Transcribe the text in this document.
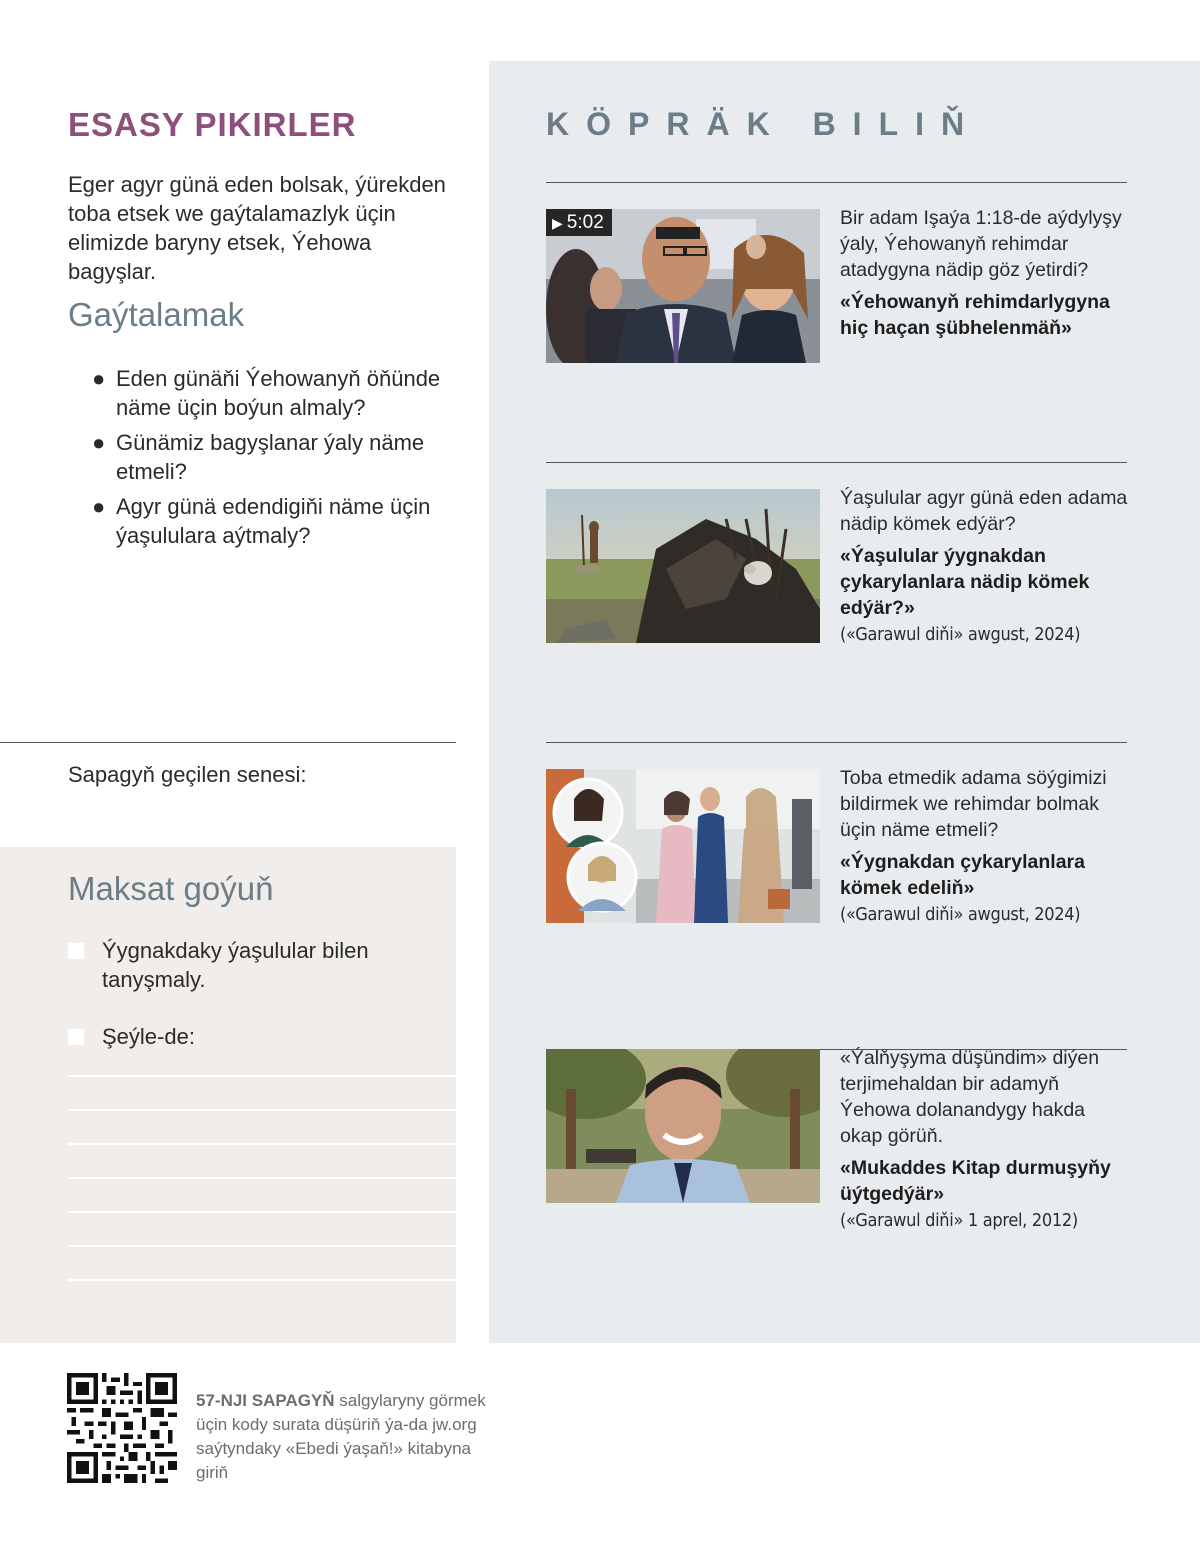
ESASY PIKIRLER

Eger agyr günä eden bolsak, ýürekden toba etsek we gaýtalamazlyk üçin elimizde baryny etsek, Ýehowa bagyşlar.

Gaýtalamak
● Eden günäňi Ýehowanyň öňünde näme üçin boýun almaly?
● Günämiz bagyşlanar ýaly näme etmeli?
● Agyr günä edendigiňi näme üçin ýaşululara aýtmaly?
Sapagyň geçilen senesi:
Maksat goýuň
Ýygnakdaky ýaşulular bilen tanyşmaly.
Şeýle-de:
KÖPRÄK BILIŇ
▶ 5:02	Bir adam Işaýa 1:18-de aýdylyşy ýaly, Ýehowanyň rehimdar atadygyna nädip göz ýetirdi?

«Ýehowanyň rehimdarlygyna hiç haçan şübhelenmäň»

Ýaşulular agyr günä eden adama nädip kömek edýär?

«Ýaşulular ýygnakdan çykarylanlara nädip kömek edýär?»

(«Garawul diňi» awgust, 2024)

Toba etmedik adama söýgimizi bildirmek we rehimdar bolmak üçin näme etmeli?

«Ýygnakdan çykarylanlara kömek edeliň»

(«Garawul diňi» awgust, 2024)

«Ýalňyşyma düşündim» diýen terjimehaldan bir adamyň Ýehowa dolanandygy hakda okap görüň.

«Mukaddes Kitap durmuşyňy üýtgedýär»

(«Garawul diňi» 1 aprel, 2012)

57-NJI SAPAGYŇ salgylaryny görmek üçin kody surata düşüriň ýa-da jw.org saýtyndaky «Ebedi ýaşaň!» kitabyna giriň
